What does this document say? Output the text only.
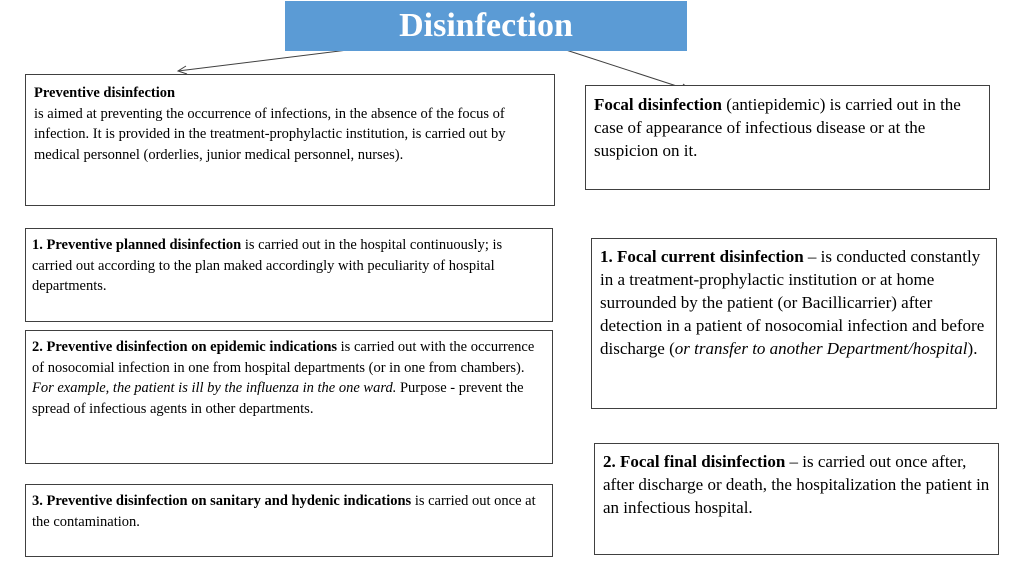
Disinfection
Preventive disinfection
is aimed at preventing the occurrence of infections, in the absence of the focus of infection. It is provided in the treatment-prophylactic institution, is carried out by medical personnel (orderlies, junior medical personnel, nurses).
Focal disinfection (antiepidemic) is carried out in the case of appearance of infectious disease or at the suspicion on it.
1. Preventive planned disinfection is carried out in the hospital continuously; is carried out according to the plan maked accordingly with peculiarity of hospital departments.
2. Preventive disinfection on epidemic indications is carried out with the occurrence of nosocomial infection in one from hospital departments (or in one from chambers).
For example, the patient is ill by the influenza in the one ward. Purpose - prevent the spread of infectious agents in other departments.
3. Preventive disinfection on sanitary and hydenic indications is carried out once at the contamination.
1. Focal current disinfection – is conducted constantly in a treatment-prophylactic institution or at home surrounded by the patient (or Bacillicarrier) after detection in a patient of nosocomial infection and before discharge (or transfer to another Department/hospital).
2. Focal final disinfection – is carried out once after, after discharge or death, the hospitalization the patient in an infectious hospital.
